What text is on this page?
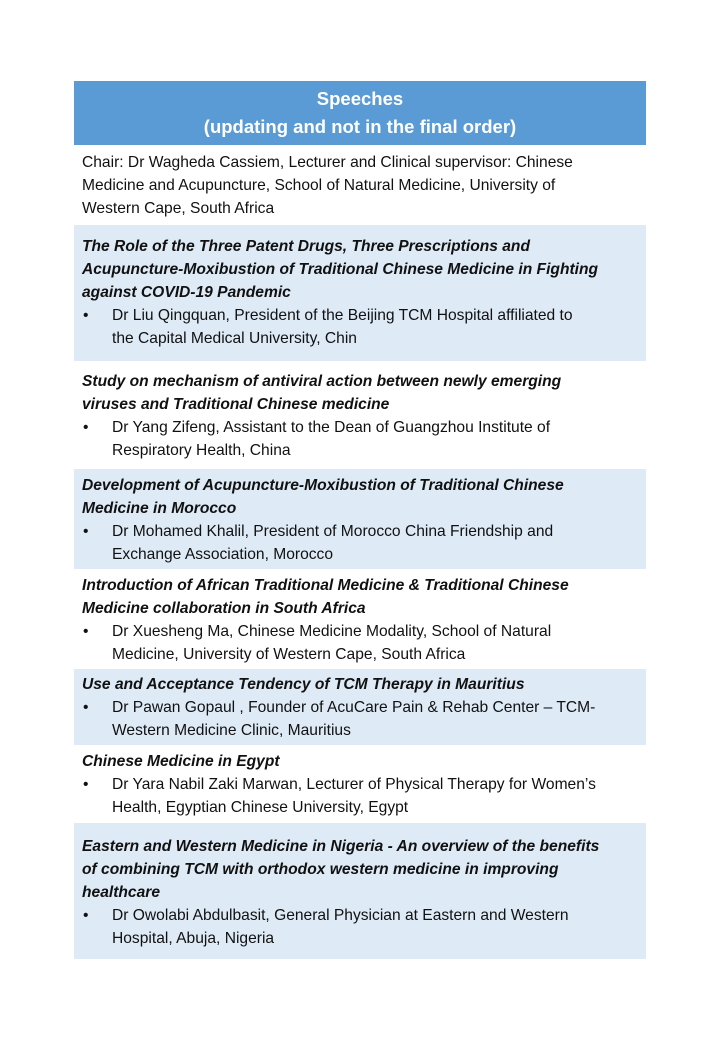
Speeches
(updating and not in the final order)
Chair: Dr Wagheda Cassiem, Lecturer and Clinical supervisor: Chinese
Medicine and Acupuncture, School of Natural Medicine, University of
Western Cape, South Africa
The Role of the Three Patent Drugs, Three Prescriptions and
Acupuncture-Moxibustion of Traditional Chinese Medicine in Fighting
against COVID-19 Pandemic
• Dr Liu Qingquan, President of the Beijing TCM Hospital affiliated to
the Capital Medical University, Chin
Study on mechanism of antiviral action between newly emerging
viruses and Traditional Chinese medicine
• Dr Yang Zifeng, Assistant to the Dean of Guangzhou Institute of
Respiratory Health, China
Development of Acupuncture-Moxibustion of Traditional Chinese
Medicine in Morocco
• Dr Mohamed Khalil, President of Morocco China Friendship and
Exchange Association, Morocco
Introduction of African Traditional Medicine & Traditional Chinese
Medicine collaboration in South Africa
• Dr Xuesheng Ma, Chinese Medicine Modality, School of Natural
Medicine, University of Western Cape, South Africa
Use and Acceptance Tendency of TCM Therapy in Mauritius
• Dr Pawan Gopaul , Founder of AcuCare Pain & Rehab Center – TCM-
Western Medicine Clinic, Mauritius
Chinese Medicine in Egypt
• Dr Yara Nabil Zaki Marwan, Lecturer of Physical Therapy for Women’s
Health, Egyptian Chinese University, Egypt
Eastern and Western Medicine in Nigeria - An overview of the benefits
of combining TCM with orthodox western medicine in improving
healthcare
• Dr Owolabi Abdulbasit, General Physician at Eastern and Western
Hospital, Abuja, Nigeria
